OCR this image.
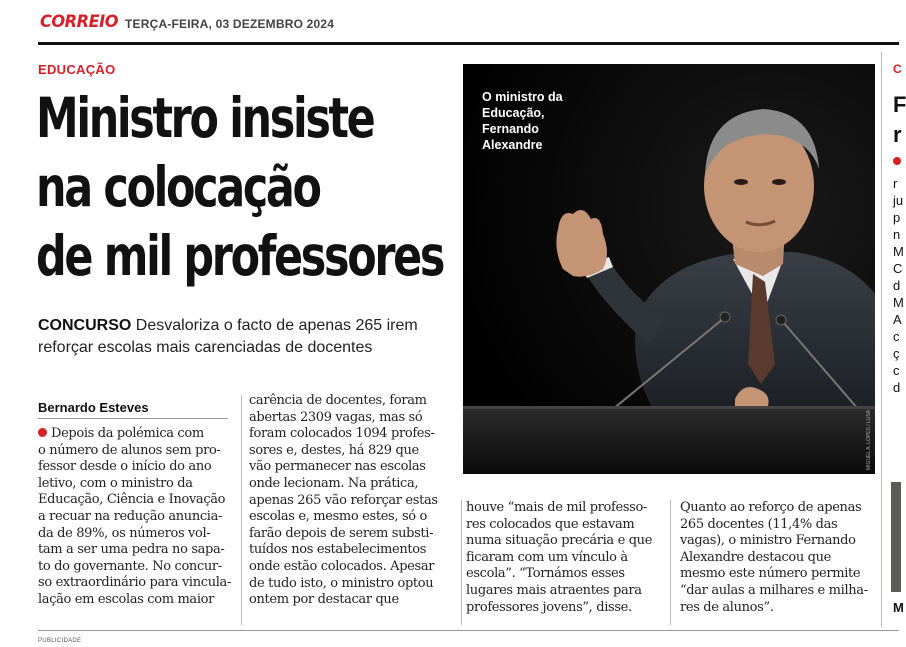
CORREIO TERÇA-FEIRA, 03 DEZEMBRO 2024
EDUCAÇÃO
Ministro insiste
na colocação
de mil professores
CONCURSO Desvaloriza o facto de apenas 265 irem reforçar escolas mais carenciadas de docentes
Bernardo Esteves
Depois da polémica com
o número de alunos sem pro-
fessor desde o início do ano
letivo, com o ministro da
Educação, Ciência e Inovação
a recuar na redução anuncia-
da de 89%, os números vol-
tam a ser uma pedra no sapa-
to do governante. No concur-
so extraordinário para vincula-
lação em escolas com maior
carência de docentes, foram
abertas 2309 vagas, mas só
foram colocados 1094 profes-
sores e, destes, há 829 que
vão permanecer nas escolas
onde lecionam. Na prática,
apenas 265 vão reforçar estas
escolas e, mesmo estes, só o
farão depois de serem substi-
tuídos nos estabelecimentos
onde estão colocados. Apesar
de tudo isto, o ministro optou
ontem por destacar que
houve “mais de mil professo-
res colocados que estavam
numa situação precária e que
ficaram com um vínculo à
escola”. “Tornámos esses
lugares mais atraentes para
professores jovens”, disse.
Quanto ao reforço de apenas
265 docentes (11,4% das
vagas), o ministro Fernando
Alexandre destacou que
mesmo este número permite
“dar aulas a milhares e milha-
res de alunos”.
O ministro da Educação, Fernando Alexandre
MIGUEL A. LOPES / LUSA
C
F
r
r
ju
p
n
M
C
d
M
A
c
ç
c
d
M
PUBLICIDADE
